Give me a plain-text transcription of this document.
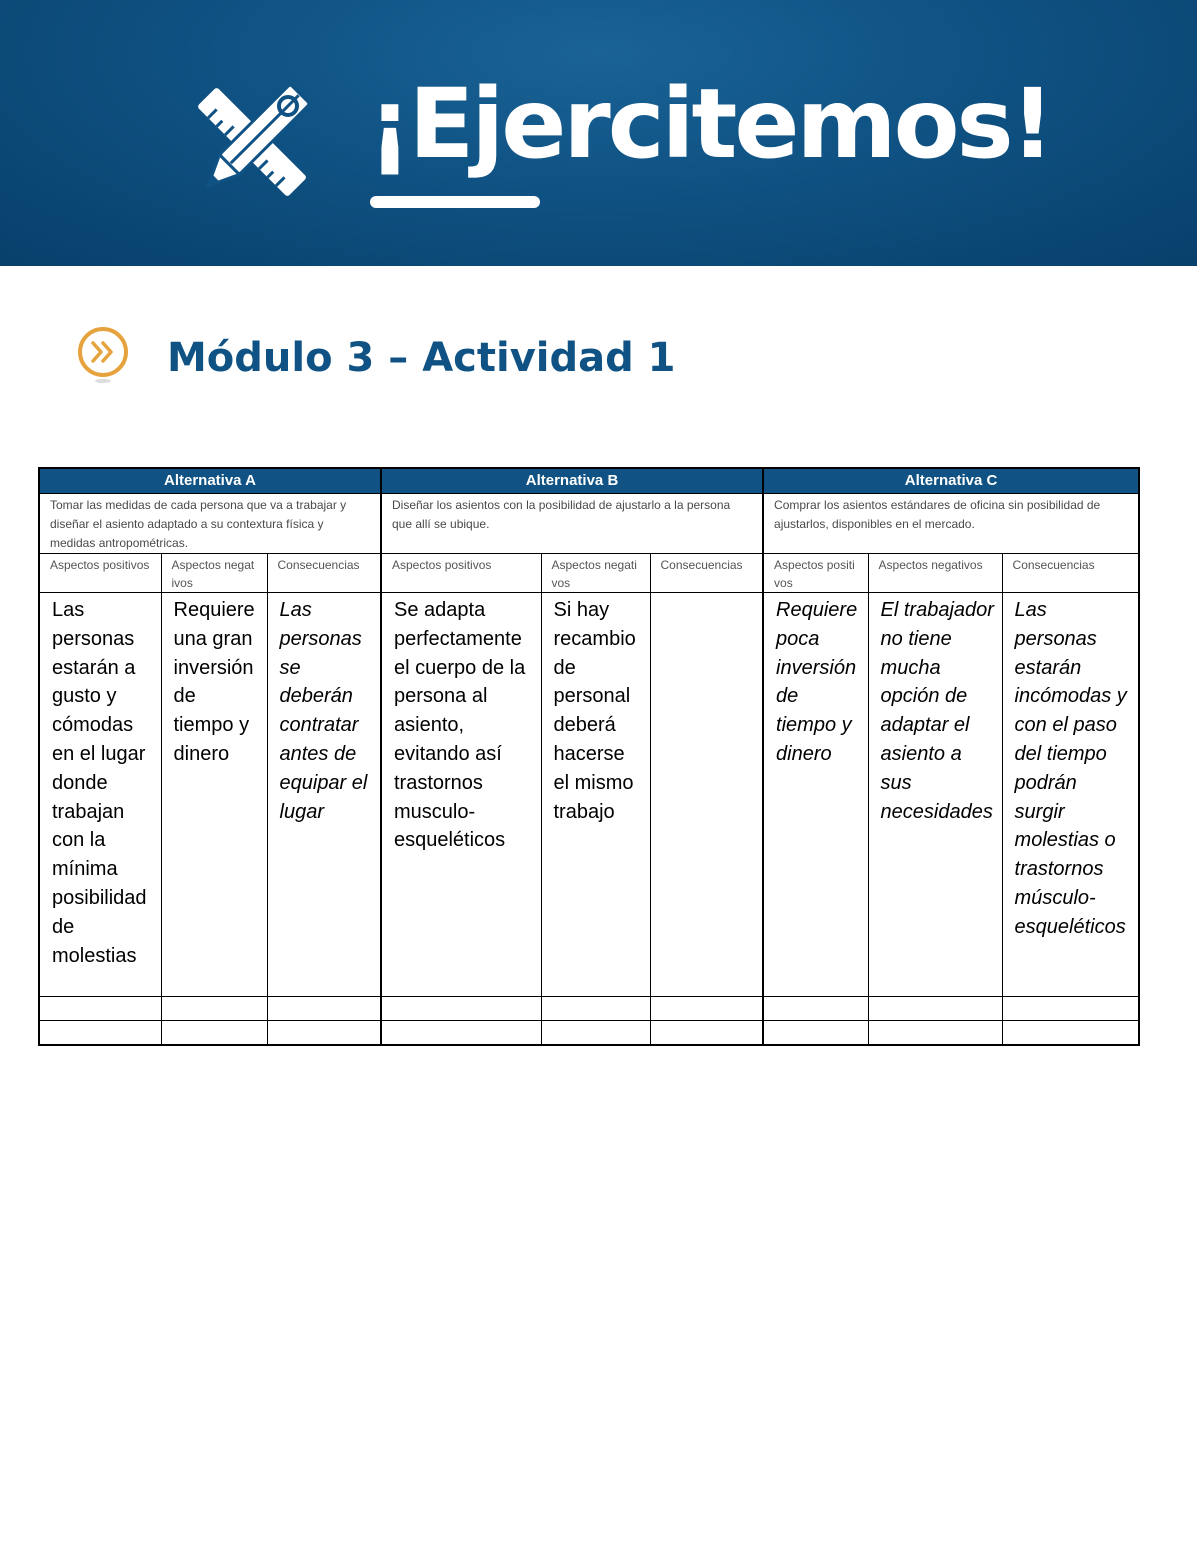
¡Ejercitemos!
Módulo 3 – Actividad 1
Alternativa A			Alternativa B			Alternativa C		
Tomar las medidas de cada persona que va a trabajar y diseñar el asiento adaptado a su contextura física y medidas antropométricas.			Diseñar los asientos con la posibilidad de ajustarlo a la persona que allí se ubique.			Comprar los asientos estándares de oficina sin posibilidad de ajustarlos, disponibles en el mercado.		
Aspectos positivos	Aspectos negativos	Consecuencias	Aspectos positivos	Aspectos negativos	Consecuencias	Aspectos positivos	Aspectos negativos	Consecuencias
Las personas estarán a gusto y cómodas en el lugar donde trabajan con la mínima posibilidad de molestias	Requiere una gran inversión de tiempo y dinero	Las personas se deberán contratar antes de equipar el lugar	Se adapta perfectamente el cuerpo de la persona al asiento, evitando así trastornos musculo-esqueléticos	Si hay recambio de personal deberá hacerse el mismo trabajo		Requiere poca inversión de tiempo y dinero	El trabajador no tiene mucha opción de adaptar el asiento a sus necesidades	Las personas estarán incómodas y con el paso del tiempo podrán surgir molestias o trastornos músculo-esqueléticos
